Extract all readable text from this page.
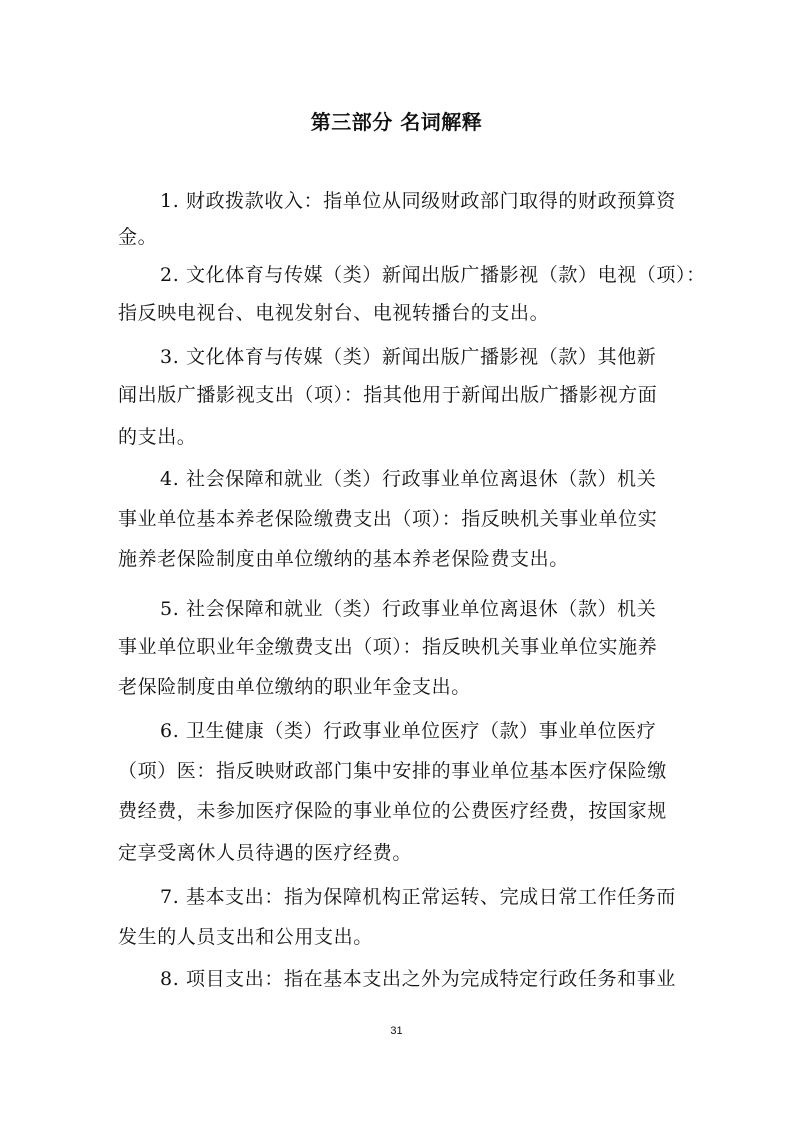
第三部分 名词解释
1. 财政拨款收入：指单位从同级财政部门取得的财政预算资
金。
2. 文化体育与传媒（类）新闻出版广播影视（款）电视（项）：
指反映电视台、电视发射台、电视转播台的支出。
3. 文化体育与传媒（类）新闻出版广播影视（款）其他新
闻出版广播影视支出（项）：指其他用于新闻出版广播影视方面
的支出。
4. 社会保障和就业（类）行政事业单位离退休（款）机关
事业单位基本养老保险缴费支出（项）：指反映机关事业单位实
施养老保险制度由单位缴纳的基本养老保险费支出。
5. 社会保障和就业（类）行政事业单位离退休（款）机关
事业单位职业年金缴费支出（项）：指反映机关事业单位实施养
老保险制度由单位缴纳的职业年金支出。
6. 卫生健康（类）行政事业单位医疗（款）事业单位医疗
（项）医：指反映财政部门集中安排的事业单位基本医疗保险缴
费经费，未参加医疗保险的事业单位的公费医疗经费，按国家规
定享受离休人员待遇的医疗经费。
7. 基本支出：指为保障机构正常运转、完成日常工作任务而
发生的人员支出和公用支出。
8. 项目支出：指在基本支出之外为完成特定行政任务和事业
31
